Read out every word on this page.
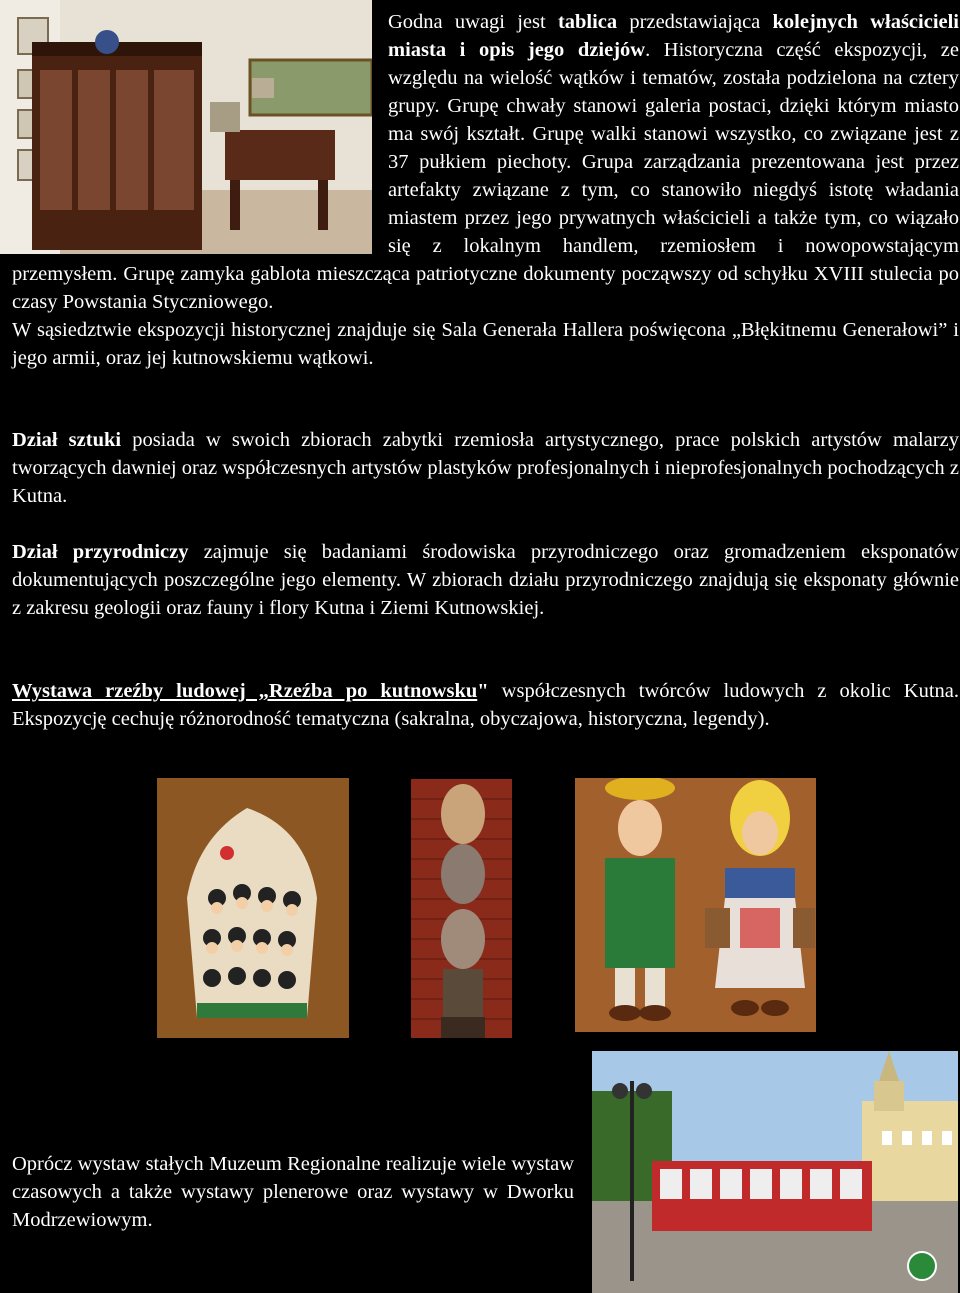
Godna uwagi jest tablica przedstawiająca kolejnych właścicieli miasta i opis jego dziejów. Historyczna część ekspozycji, ze względu na wielość wątków i tematów, została podzielona na cztery grupy. Grupę chwały stanowi galeria postaci, dzięki którym miasto ma swój kształt. Grupę walki stanowi wszystko, co związane jest z 37 pułkiem piechoty. Grupa zarządzania prezentowana jest przez artefakty związane z tym, co stanowiło niegdyś istotę władania miastem przez jego prywatnych właścicieli a także tym, co wiązało się z lokalnym handlem, rzemiosłem i nowopowstającym przemysłem. Grupę zamyka gablota mieszcząca patriotyczne dokumenty począwszy od schyłku XVIII stulecia po czasy Powstania Styczniowego.
W sąsiedztwie ekspozycji historycznej znajduje się Sala Generała Hallera poświęcona „Błękitnemu Generałowi” i jego armii, oraz jej kutnowskiemu wątkowi.

Dział sztuki posiada w swoich zbiorach zabytki rzemiosła artystycznego, prace polskich artystów malarzy tworzących dawniej oraz współczesnych artystów plastyków profesjonalnych i nieprofesjonalnych pochodzących z Kutna.

Dział przyrodniczy zajmuje się badaniami środowiska przyrodniczego oraz gromadzeniem eksponatów dokumentujących poszczególne jego elementy. W zbiorach działu przyrodniczego znajdują się eksponaty głównie z zakresu geologii oraz fauny i flory Kutna i Ziemi Kutnowskiej.

Wystawa rzeźby ludowej „Rzeźba po kutnowsku" współczesnych twórców ludowych z okolic Kutna. Ekspozycję cechuję różnorodność tematyczna (sakralna, obyczajowa, historyczna, legendy).

Oprócz wystaw stałych Muzeum Regionalne realizuje wiele wystaw czasowych a także wystawy plenerowe oraz wystawy w Dworku Modrzewiowym.
